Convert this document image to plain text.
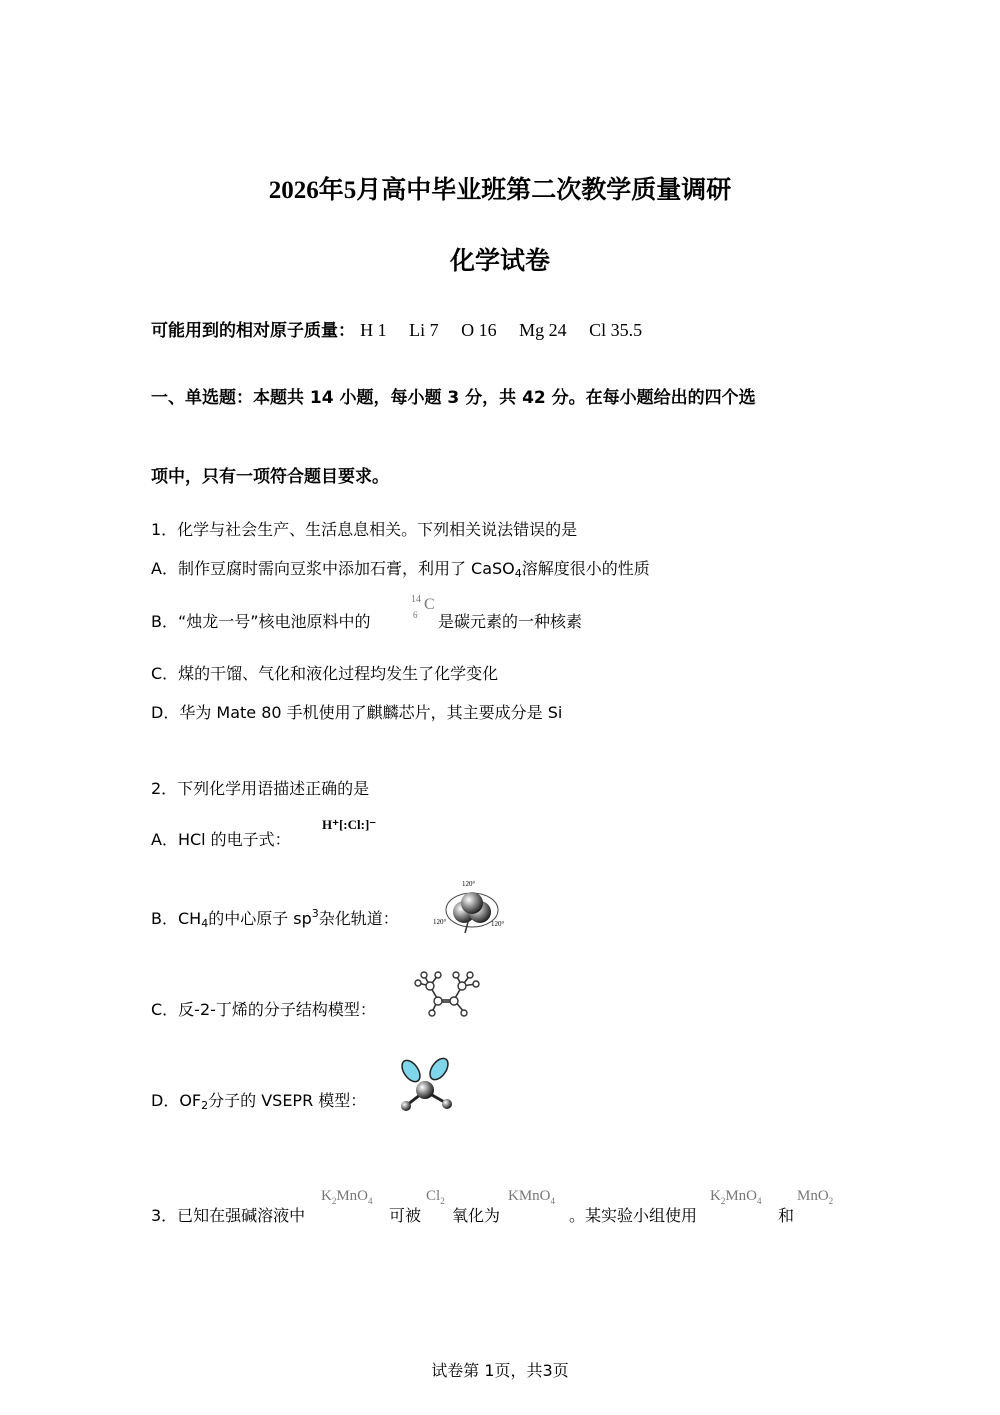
2026年5月高中毕业班第二次教学质量调研
化学试卷
可能用到的相对原子质量： H 1 Li 7 O 16 Mg 24 Cl 35.5
一、单选题：本题共 14 小题，每小题 3 分，共 42 分。在每小题给出的四个选
项中，只有一项符合题目要求。
1．化学与社会生产、生活息息相关。下列相关说法错误的是
A．制作豆腐时需向豆浆中添加石膏，利用了 CaSO$_4$溶解度很小的性质
B．“烛龙一号”核电池原料中的
14
6
C
是碳元素的一种核素
C．煤的干馏、气化和液化过程均发生了化学变化
D．华为 Mate 80 手机使用了麒麟芯片，其主要成分是 Si
2．下列化学用语描述正确的是
A．HCl 的电子式：
H⁺[:Cl:]⁻
B．$CH_4$的中心原子 $sp^3$杂化轨道：
120°
120°	120°
C．反-2-丁烯的分子结构模型：
D．$OF_2$分子的 VSEPR 模型：
3．已知在强碱溶液中
$K_2MnO_4$
可被
$Cl_2$
氧化为
KMnO$_4$
。某实验小组使用
$K_2MnO_4$
和
MnO$_2$
试卷第 1页，共3页
